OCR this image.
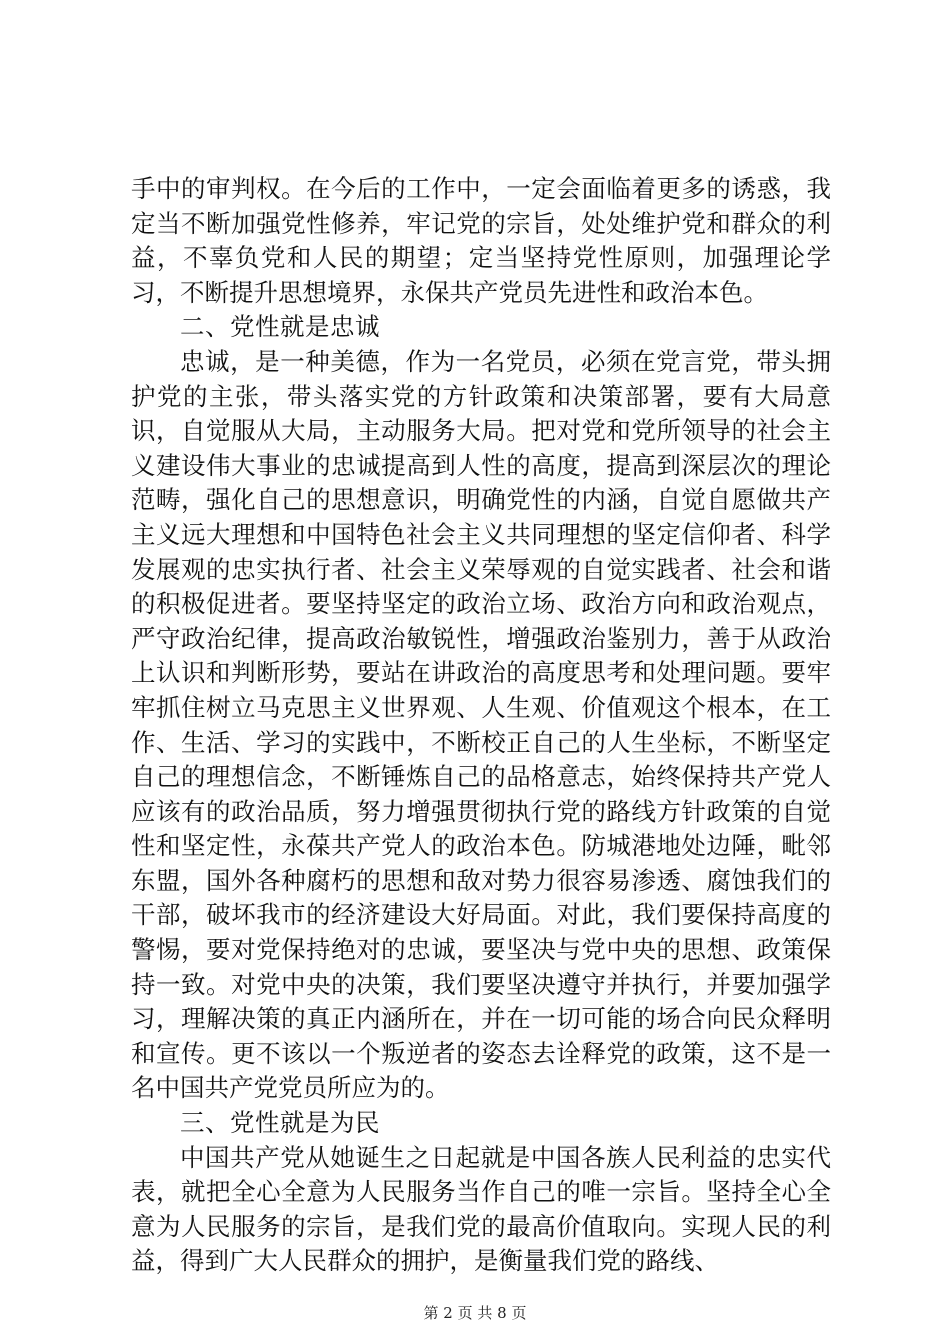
手中的审判权。在今后的工作中，一定会面临着更多的诱惑，我定当不断加强党性修养，牢记党的宗旨，处处维护党和群众的利益，不辜负党和人民的期望；定当坚持党性原则，加强理论学习，不断提升思想境界，永保共产党员先进性和政治本色。

二、党性就是忠诚

忠诚，是一种美德，作为一名党员，必须在党言党，带头拥护党的主张，带头落实党的方针政策和决策部署，要有大局意识，自觉服从大局，主动服务大局。把对党和党所领导的社会主义建设伟大事业的忠诚提高到人性的高度，提高到深层次的理论范畴，强化自己的思想意识，明确党性的内涵，自觉自愿做共产主义远大理想和中国特色社会主义共同理想的坚定信仰者、科学发展观的忠实执行者、社会主义荣辱观的自觉实践者、社会和谐的积极促进者。要坚持坚定的政治立场、政治方向和政治观点，严守政治纪律，提高政治敏锐性，增强政治鉴别力，善于从政治上认识和判断形势，要站在讲政治的高度思考和处理问题。要牢牢抓住树立马克思主义世界观、人生观、价值观这个根本，在工作、生活、学习的实践中，不断校正自己的人生坐标，不断坚定自己的理想信念，不断锤炼自己的品格意志，始终保持共产党人应该有的政治品质，努力增强贯彻执行党的路线方针政策的自觉性和坚定性，永葆共产党人的政治本色。防城港地处边陲，毗邻东盟，国外各种腐朽的思想和敌对势力很容易渗透、腐蚀我们的干部，破坏我市的经济建设大好局面。对此，我们要保持高度的警惕，要对党保持绝对的忠诚，要坚决与党中央的思想、政策保持一致。对党中央的决策，我们要坚决遵守并执行，并要加强学习，理解决策的真正内涵所在，并在一切可能的场合向民众释明和宣传。更不该以一个叛逆者的姿态去诠释党的政策，这不是一名中国共产党党员所应为的。

三、党性就是为民

中国共产党从她诞生之日起就是中国各族人民利益的忠实代表，就把全心全意为人民服务当作自己的唯一宗旨。坚持全心全意为人民服务的宗旨，是我们党的最高价值取向。实现人民的利益，得到广大人民群众的拥护，是衡量我们党的路线、

第 2 页 共 8 页
